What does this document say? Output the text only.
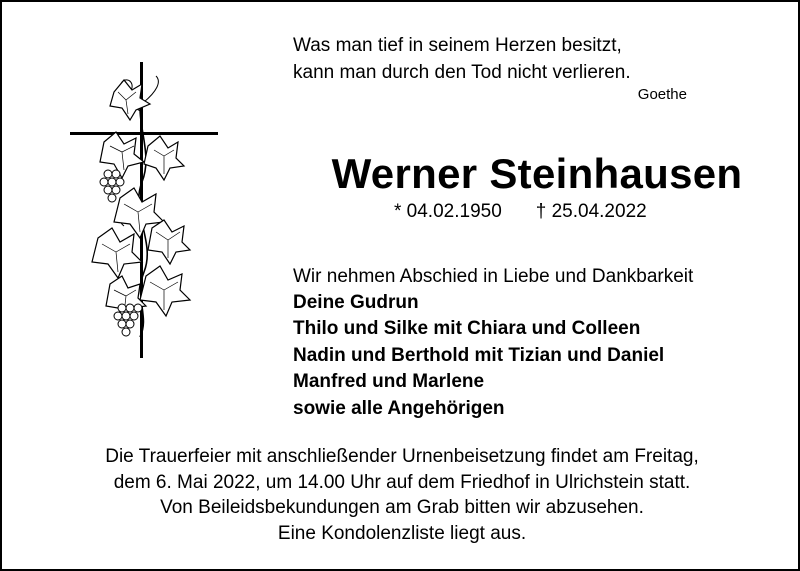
Was man tief in seinem Herzen besitzt,
kann man durch den Tod nicht verlieren.
Goethe
Werner Steinhausen
* 04.02.1950 † 25.04.2022
Wir nehmen Abschied in Liebe und Dankbarkeit
Deine Gudrun
Thilo und Silke mit Chiara und Colleen
Nadin und Berthold mit Tizian und Daniel
Manfred und Marlene
sowie alle Angehörigen
Die Trauerfeier mit anschließender Urnenbeisetzung findet am Freitag,
dem 6. Mai 2022, um 14.00 Uhr auf dem Friedhof in Ulrichstein statt.
Von Beileidsbekundungen am Grab bitten wir abzusehen.
Eine Kondolenzliste liegt aus.
